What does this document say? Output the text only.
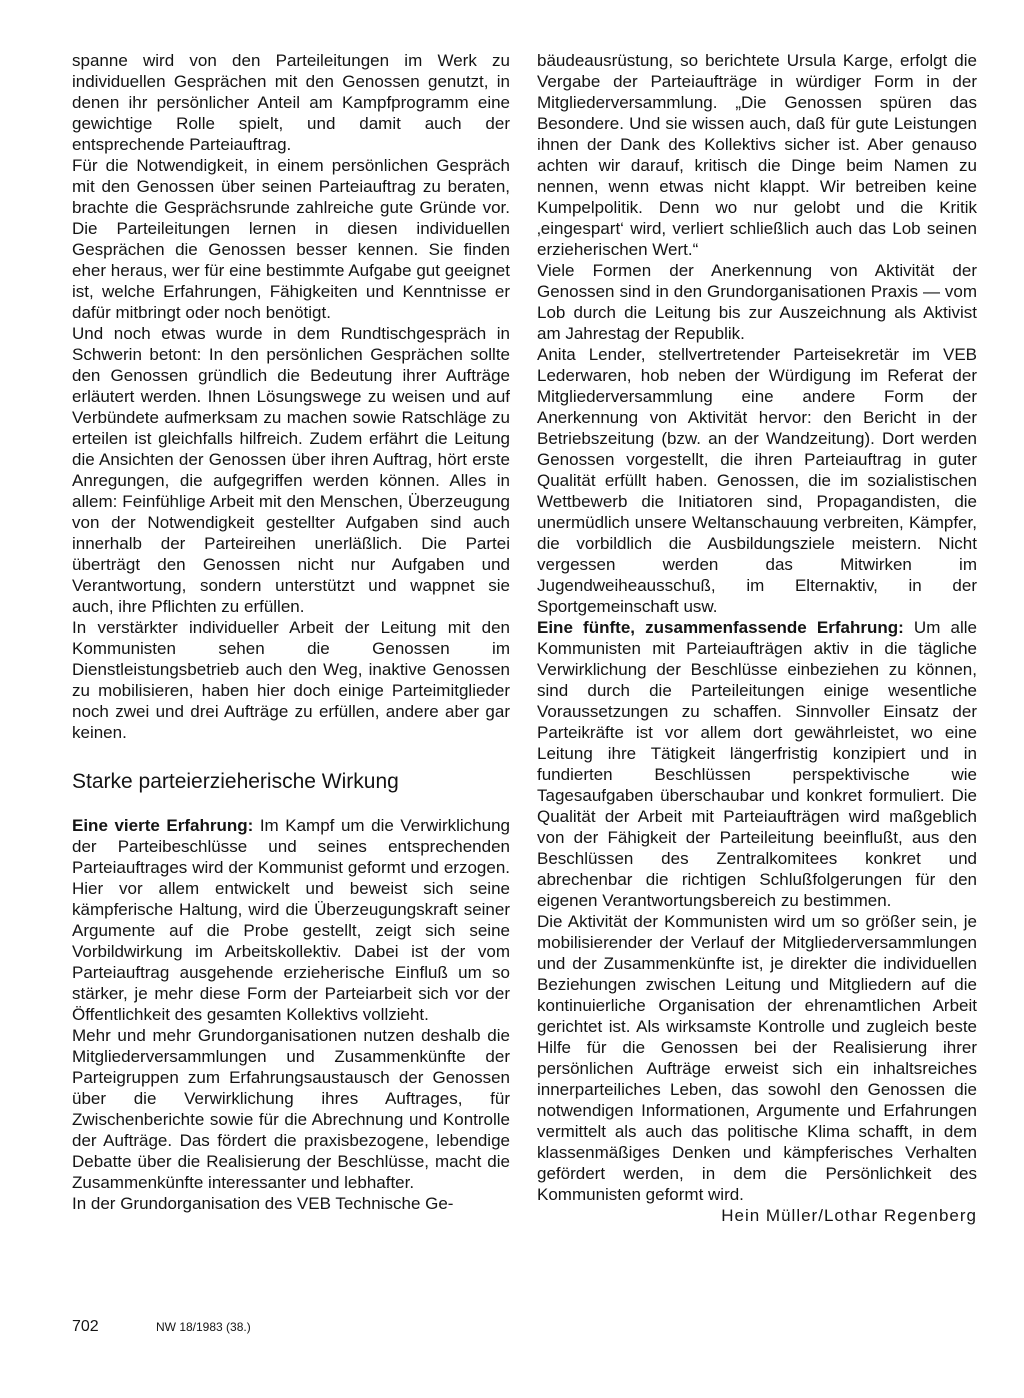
spanne wird von den Parteileitungen im Werk zu individuellen Gesprächen mit den Genossen genutzt, in denen ihr persönlicher Anteil am Kampfprogramm eine gewichtige Rolle spielt, und damit auch der entsprechende Parteiauftrag.

Für die Notwendigkeit, in einem persönlichen Gespräch mit den Genossen über seinen Parteiauftrag zu beraten, brachte die Gesprächsrunde zahlreiche gute Gründe vor. Die Parteileitungen lernen in diesen individuellen Gesprächen die Genossen besser kennen. Sie finden eher heraus, wer für eine bestimmte Aufgabe gut geeignet ist, welche Erfahrungen, Fähigkeiten und Kenntnisse er dafür mitbringt oder noch benötigt.

Und noch etwas wurde in dem Rundtischgespräch in Schwerin betont: In den persönlichen Gesprächen sollte den Genossen gründlich die Bedeutung ihrer Aufträge erläutert werden. Ihnen Lösungswege zu weisen und auf Verbündete aufmerksam zu machen sowie Ratschläge zu erteilen ist gleichfalls hilfreich. Zudem erfährt die Leitung die Ansichten der Genossen über ihren Auftrag, hört erste Anregungen, die aufgegriffen werden können. Alles in allem: Feinfühlige Arbeit mit den Menschen, Überzeugung von der Notwendigkeit gestellter Aufgaben sind auch innerhalb der Parteireihen unerläßlich. Die Partei überträgt den Genossen nicht nur Aufgaben und Verantwortung, sondern unterstützt und wappnet sie auch, ihre Pflichten zu erfüllen.

In verstärkter individueller Arbeit der Leitung mit den Kommunisten sehen die Genossen im Dienstleistungsbetrieb auch den Weg, inaktive Genossen zu mobilisieren, haben hier doch einige Parteimitglieder noch zwei und drei Aufträge zu erfüllen, andere aber gar keinen.

Starke parteierzieherische Wirkung

Eine vierte Erfahrung: Im Kampf um die Verwirklichung der Parteibeschlüsse und seines entsprechenden Parteiauftrages wird der Kommunist geformt und erzogen. Hier vor allem entwickelt und beweist sich seine kämpferische Haltung, wird die Überzeugungskraft seiner Argumente auf die Probe gestellt, zeigt sich seine Vorbildwirkung im Arbeitskollektiv. Dabei ist der vom Parteiauftrag ausgehende erzieherische Einfluß um so stärker, je mehr diese Form der Parteiarbeit sich vor der Öffentlichkeit des gesamten Kollektivs vollzieht.

Mehr und mehr Grundorganisationen nutzen deshalb die Mitgliederversammlungen und Zusammenkünfte der Parteigruppen zum Erfahrungsaustausch der Genossen über die Verwirklichung ihres Auftrages, für Zwischenberichte sowie für die Abrechnung und Kontrolle der Aufträge. Das fördert die praxisbezogene, lebendige Debatte über die Realisierung der Beschlüsse, macht die Zusammenkünfte interessanter und lebhafter.

In der Grundorganisation des VEB Technische Ge-

bäudeausrüstung, so berichtete Ursula Karge, erfolgt die Vergabe der Parteiaufträge in würdiger Form in der Mitgliederversammlung. „Die Genossen spüren das Besondere. Und sie wissen auch, daß für gute Leistungen ihnen der Dank des Kollektivs sicher ist. Aber genauso achten wir darauf, kritisch die Dinge beim Namen zu nennen, wenn etwas nicht klappt. Wir betreiben keine Kumpelpolitik. Denn wo nur gelobt und die Kritik ‚eingespart‘ wird, verliert schließlich auch das Lob seinen erzieherischen Wert.“

Viele Formen der Anerkennung von Aktivität der Genossen sind in den Grundorganisationen Praxis — vom Lob durch die Leitung bis zur Auszeichnung als Aktivist am Jahrestag der Republik.

Anita Lender, stellvertretender Parteisekretär im VEB Lederwaren, hob neben der Würdigung im Referat der Mitgliederversammlung eine andere Form der Anerkennung von Aktivität hervor: den Bericht in der Betriebszeitung (bzw. an der Wandzeitung). Dort werden Genossen vorgestellt, die ihren Parteiauftrag in guter Qualität erfüllt haben. Genossen, die im sozialistischen Wettbewerb die Initiatoren sind, Propagandisten, die unermüdlich unsere Weltanschauung verbreiten, Kämpfer, die vorbildlich die Ausbildungsziele meistern. Nicht vergessen werden das Mitwirken im Jugendweiheausschuß, im Elternaktiv, in der Sportgemeinschaft usw.

Eine fünfte, zusammenfassende Erfahrung: Um alle Kommunisten mit Parteiaufträgen aktiv in die tägliche Verwirklichung der Beschlüsse einbeziehen zu können, sind durch die Parteileitungen einige wesentliche Voraussetzungen zu schaffen. Sinnvoller Einsatz der Parteikräfte ist vor allem dort gewährleistet, wo eine Leitung ihre Tätigkeit längerfristig konzipiert und in fundierten Beschlüssen perspektivische wie Tagesaufgaben überschaubar und konkret formuliert. Die Qualität der Arbeit mit Parteiaufträgen wird maßgeblich von der Fähigkeit der Parteileitung beeinflußt, aus den Beschlüssen des Zentralkomitees konkret und abrechenbar die richtigen Schlußfolgerungen für den eigenen Verantwortungsbereich zu bestimmen.

Die Aktivität der Kommunisten wird um so größer sein, je mobilisierender der Verlauf der Mitgliederversammlungen und der Zusammenkünfte ist, je direkter die individuellen Beziehungen zwischen Leitung und Mitgliedern auf die kontinuierliche Organisation der ehrenamtlichen Arbeit gerichtet ist. Als wirksamste Kontrolle und zugleich beste Hilfe für die Genossen bei der Realisierung ihrer persönlichen Aufträge erweist sich ein inhaltsreiches innerparteiliches Leben, das sowohl den Genossen die notwendigen Informationen, Argumente und Erfahrungen vermittelt als auch das politische Klima schafft, in dem klassenmäßiges Denken und kämpferisches Verhalten gefördert werden, in dem die Persönlichkeit des Kommunisten geformt wird.

Hein Müller/Lothar Regenberg

702	NW 18/1983 (38.)
